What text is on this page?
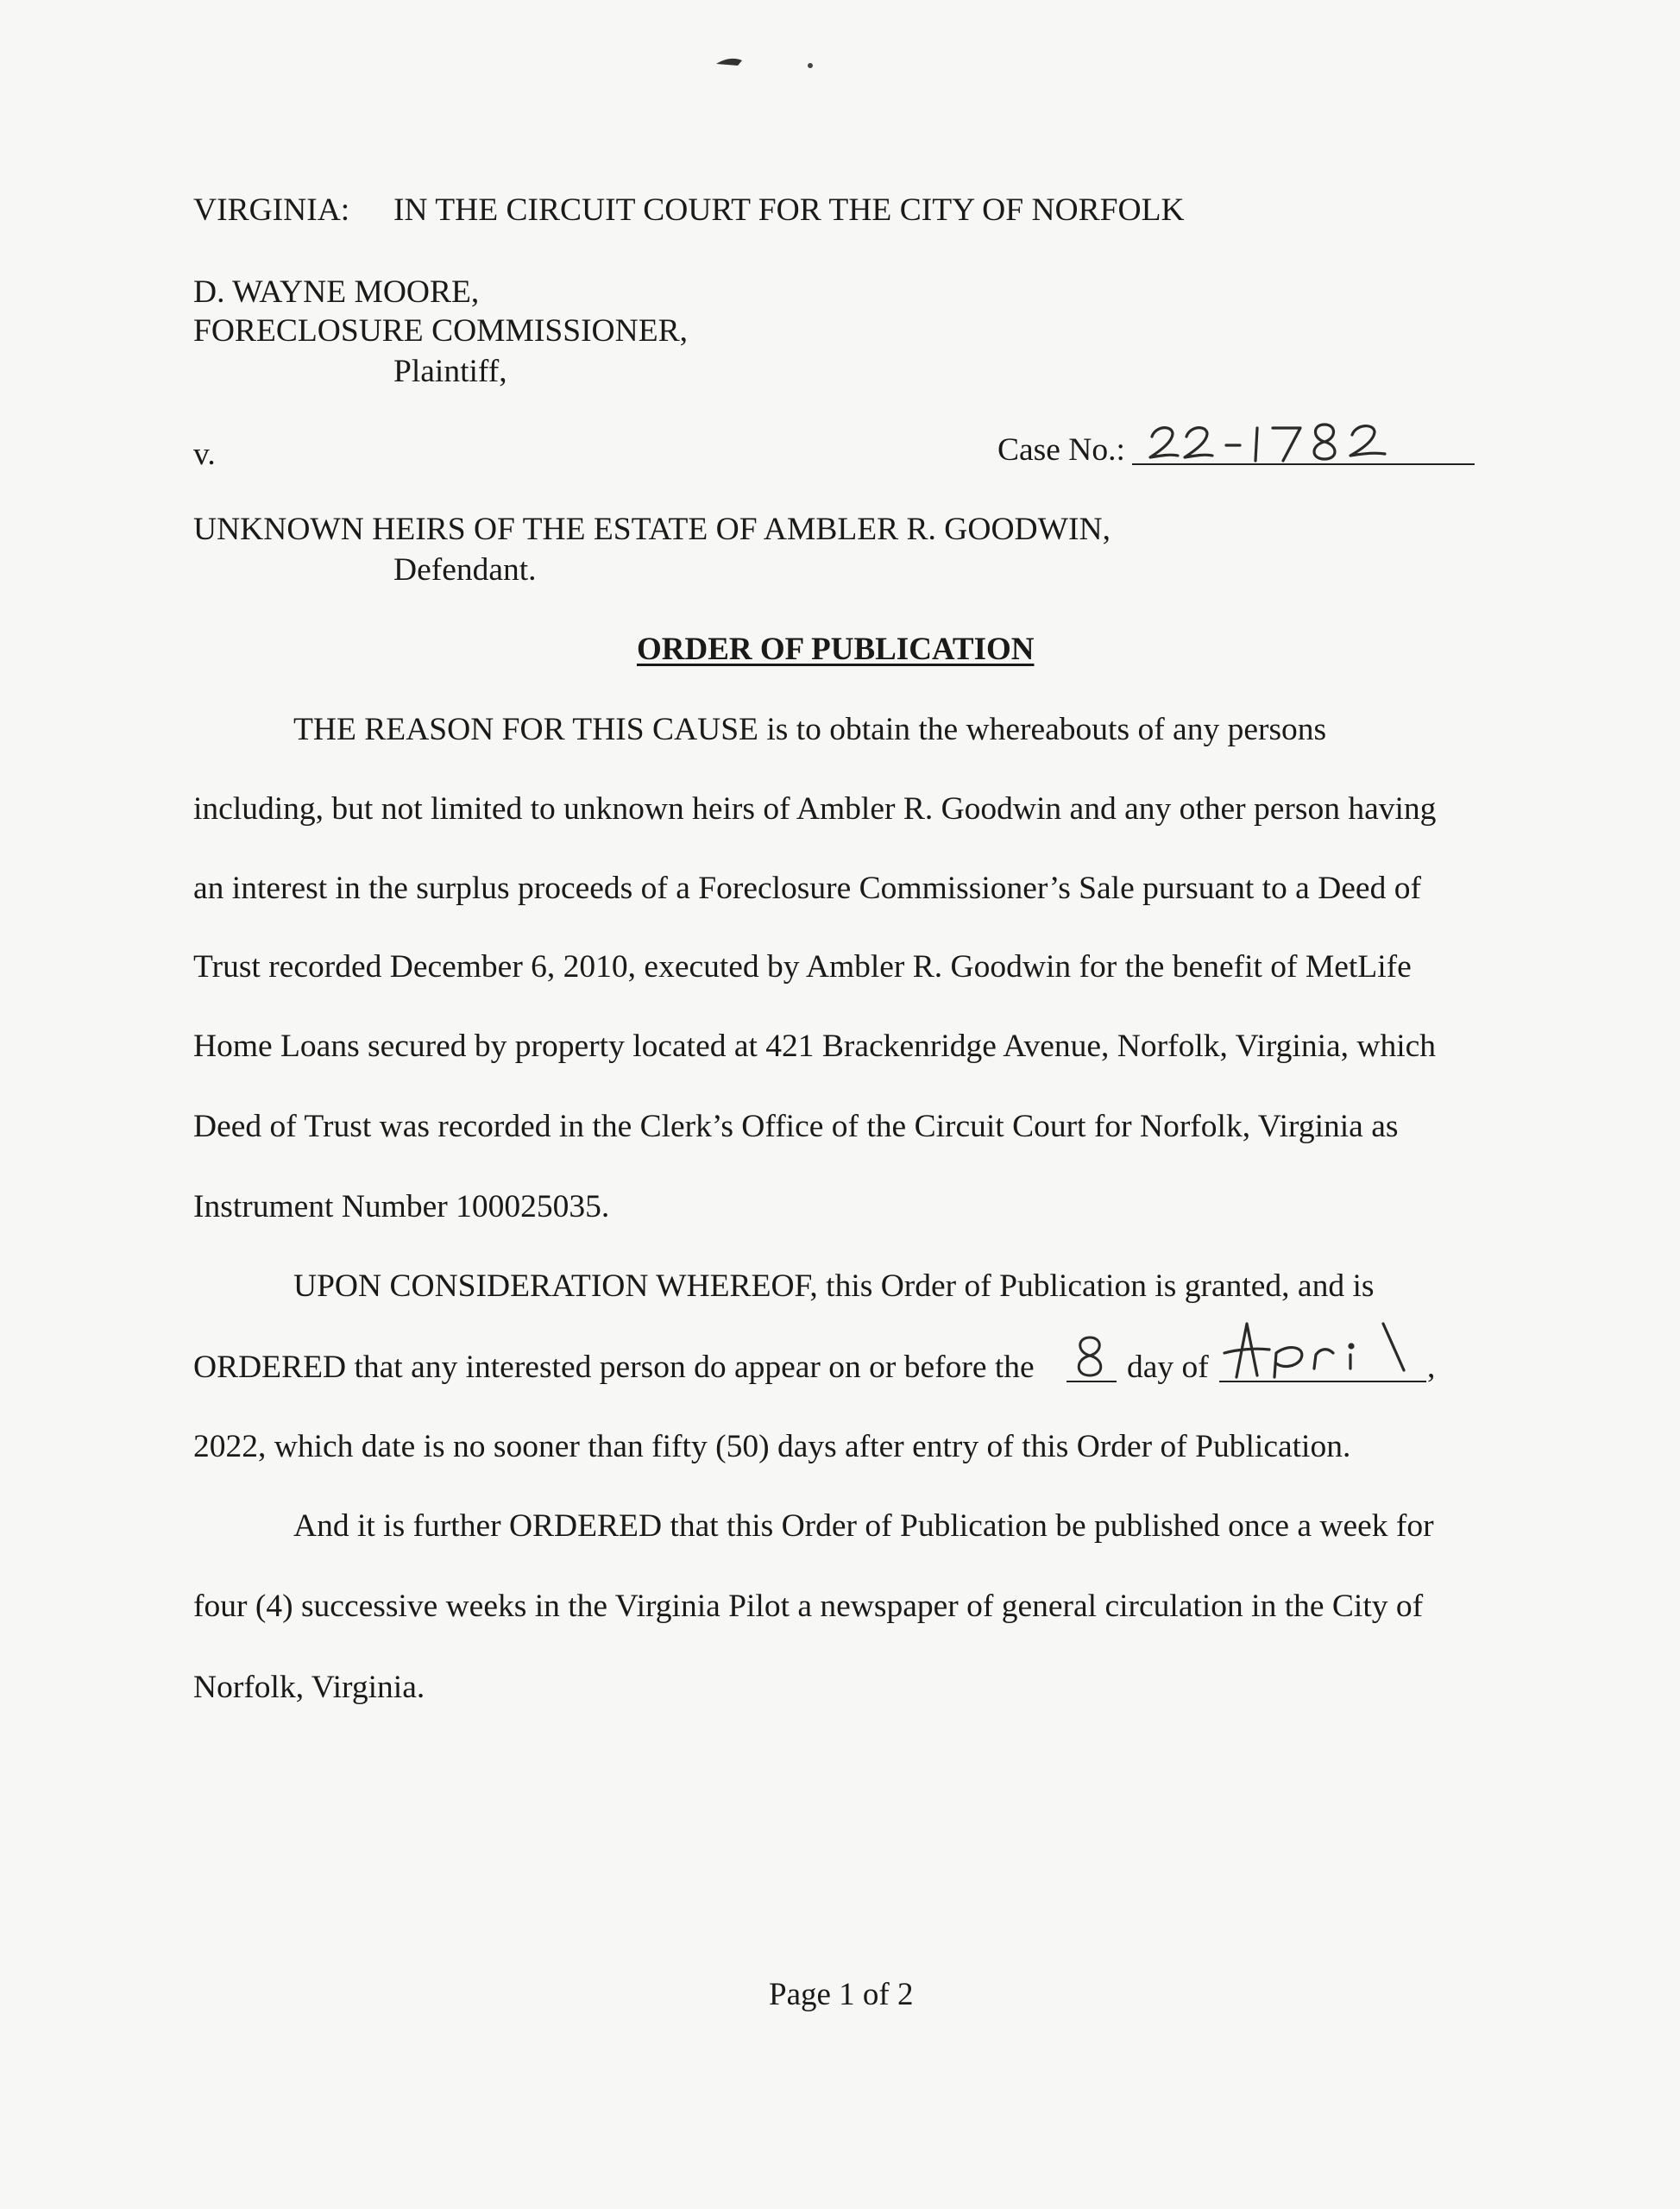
VIRGINIA: IN THE CIRCUIT COURT FOR THE CITY OF NORFOLK
D. WAYNE MOORE,
FORECLOSURE COMMISSIONER,
Plaintiff,
v.	Case No.:
UNKNOWN HEIRS OF THE ESTATE OF AMBLER R. GOODWIN,
Defendant.
ORDER OF PUBLICATION
THE REASON FOR THIS CAUSE is to obtain the whereabouts of any persons
including, but not limited to unknown heirs of Ambler R. Goodwin and any other person having
an interest in the surplus proceeds of a Foreclosure Commissioner’s Sale pursuant to a Deed of
Trust recorded December 6, 2010, executed by Ambler R. Goodwin for the benefit of MetLife
Home Loans secured by property located at 421 Brackenridge Avenue, Norfolk, Virginia, which
Deed of Trust was recorded in the Clerk’s Office of the Circuit Court for Norfolk, Virginia as
Instrument Number 100025035.
UPON CONSIDERATION WHEREOF, this Order of Publication is granted, and is
ORDERED that any interested person do appear on or before the	day of	,
2022, which date is no sooner than fifty (50) days after entry of this Order of Publication.
And it is further ORDERED that this Order of Publication be published once a week for
four (4) successive weeks in the Virginia Pilot a newspaper of general circulation in the City of
Norfolk, Virginia.
Page 1 of 2
